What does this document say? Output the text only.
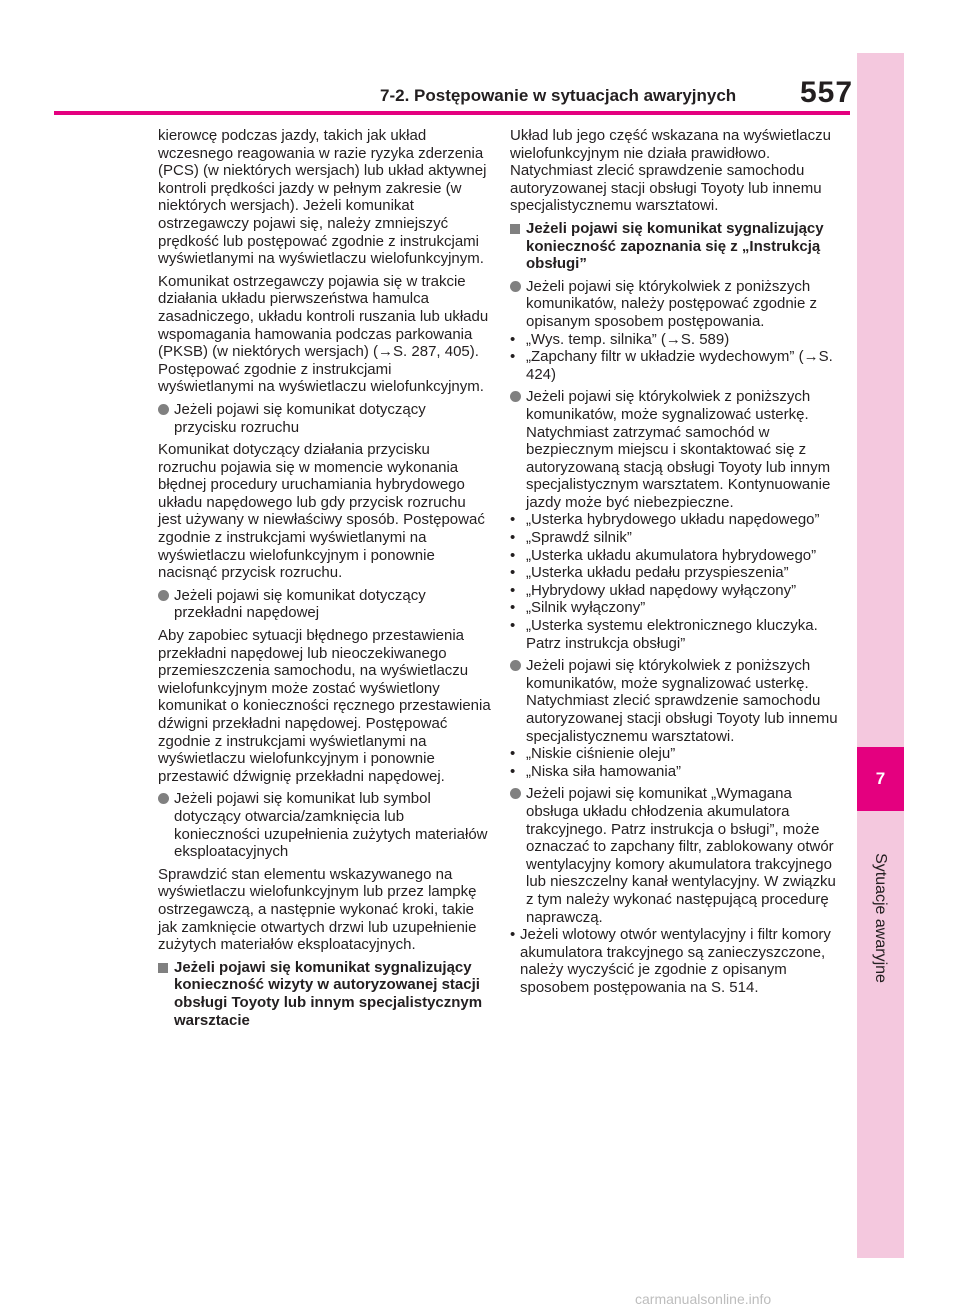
7-2. Postępowanie w sytuacjach awaryjnych 557
7
Sytuacje awaryjne
kierowcę podczas jazdy, takich jak układ wczesnego reagowania w razie ryzyka zderzenia (PCS) (w niektórych wersjach) lub układ aktywnej kontroli prędkości jazdy w pełnym zakresie (w niektórych wersjach). Jeżeli komunikat ostrzegawczy pojawi się, należy zmniejszyć prędkość lub postępować zgodnie z instrukcjami wyświetlanymi na wyświetlaczu wielofunkcyjnym.
Komunikat ostrzegawczy pojawia się w trakcie działania układu pierwszeństwa hamulca zasadniczego, układu kontroli ruszania lub układu wspomagania hamowania podczas parkowania (PKSB) (w niektórych wersjach) (→S. 287, 405). Postępować zgodnie z instrukcjami wyświetlanymi na wyświetlaczu wielofunkcyjnym.
Jeżeli pojawi się komunikat dotyczący przycisku rozruchu
Komunikat dotyczący działania przycisku rozruchu pojawia się w momencie wykonania błędnej procedury uruchamiania hybrydowego układu napędowego lub gdy przycisk rozruchu jest używany w niewłaściwy sposób. Postępować zgodnie z instrukcjami wyświetlanymi na wyświetlaczu wielofunkcyjnym i ponownie nacisnąć przycisk rozruchu.
Jeżeli pojawi się komunikat dotyczący przekładni napędowej
Aby zapobiec sytuacji błędnego przestawienia przekładni napędowej lub nieoczekiwanego przemieszczenia samochodu, na wyświetlaczu wielofunkcyjnym może zostać wyświetlony komunikat o konieczności ręcznego przestawienia dźwigni przekładni napędowej. Postępować zgodnie z instrukcjami wyświetlanymi na wyświetlaczu wielofunkcyjnym i ponownie przestawić dźwignię przekładni napędowej.
Jeżeli pojawi się komunikat lub symbol dotyczący otwarcia/zamknięcia lub konieczności uzupełnienia zużytych materiałów eksploatacyjnych
Sprawdzić stan elementu wskazywanego na wyświetlaczu wielofunkcyjnym lub przez lampkę ostrzegawczą, a następnie wykonać kroki, takie jak zamknięcie otwartych drzwi lub uzupełnienie zużytych materiałów eksploatacyjnych.
Jeżeli pojawi się komunikat sygnalizujący konieczność wizyty w autoryzowanej stacji obsługi Toyoty lub innym specjalistycznym warsztacie
Układ lub jego część wskazana na wyświetlaczu wielofunkcyjnym nie działa prawidłowo. Natychmiast zlecić sprawdzenie samochodu autoryzowanej stacji obsługi Toyoty lub innemu specjalistycznemu warsztatowi.
Jeżeli pojawi się komunikat sygnalizujący konieczność zapoznania się z „Instrukcją obsługi”
Jeżeli pojawi się którykolwiek z poniższych komunikatów, należy postępować zgodnie z opisanym sposobem postępowania.
• „Wys. temp. silnika” (→S. 589)
• „Zapchany filtr w układzie wydechowym” (→S. 424)
Jeżeli pojawi się którykolwiek z poniższych komunikatów, może sygnalizować usterkę. Natychmiast zatrzymać samochód w bezpiecznym miejscu i skontaktować się z autoryzowaną stacją obsługi Toyoty lub innym specjalistycznym warsztatem. Kontynuowanie jazdy może być niebezpieczne.
• „Usterka hybrydowego układu napędowego”
• „Sprawdź silnik”
• „Usterka układu akumulatora hybrydowego”
• „Usterka układu pedału przyspieszenia”
• „Hybrydowy układ napędowy wyłączony”
• „Silnik wyłączony”
• „Usterka systemu elektronicznego kluczyka. Patrz instrukcja obsługi”
Jeżeli pojawi się którykolwiek z poniższych komunikatów, może sygnalizować usterkę. Natychmiast zlecić sprawdzenie samochodu autoryzowanej stacji obsługi Toyoty lub innemu specjalistycznemu warsztatowi.
• „Niskie ciśnienie oleju”
• „Niska siła hamowania”
Jeżeli pojawi się komunikat „Wymagana obsługa układu chłodzenia akumulatora trakcyjnego. Patrz instrukcja o bsługi”, może oznaczać to zapchany filtr, zablokowany otwór wentylacyjny komory akumulatora trakcyjnego lub nieszczelny kanał wentylacyjny. W związku z tym należy wykonać następującą procedurę naprawczą.
• Jeżeli wlotowy otwór wentylacyjny i filtr komory akumulatora trakcyjnego są zanieczyszczone, należy wyczyścić je zgodnie z opisanym sposobem postępowania na S. 514.
carmanualsonline.info
